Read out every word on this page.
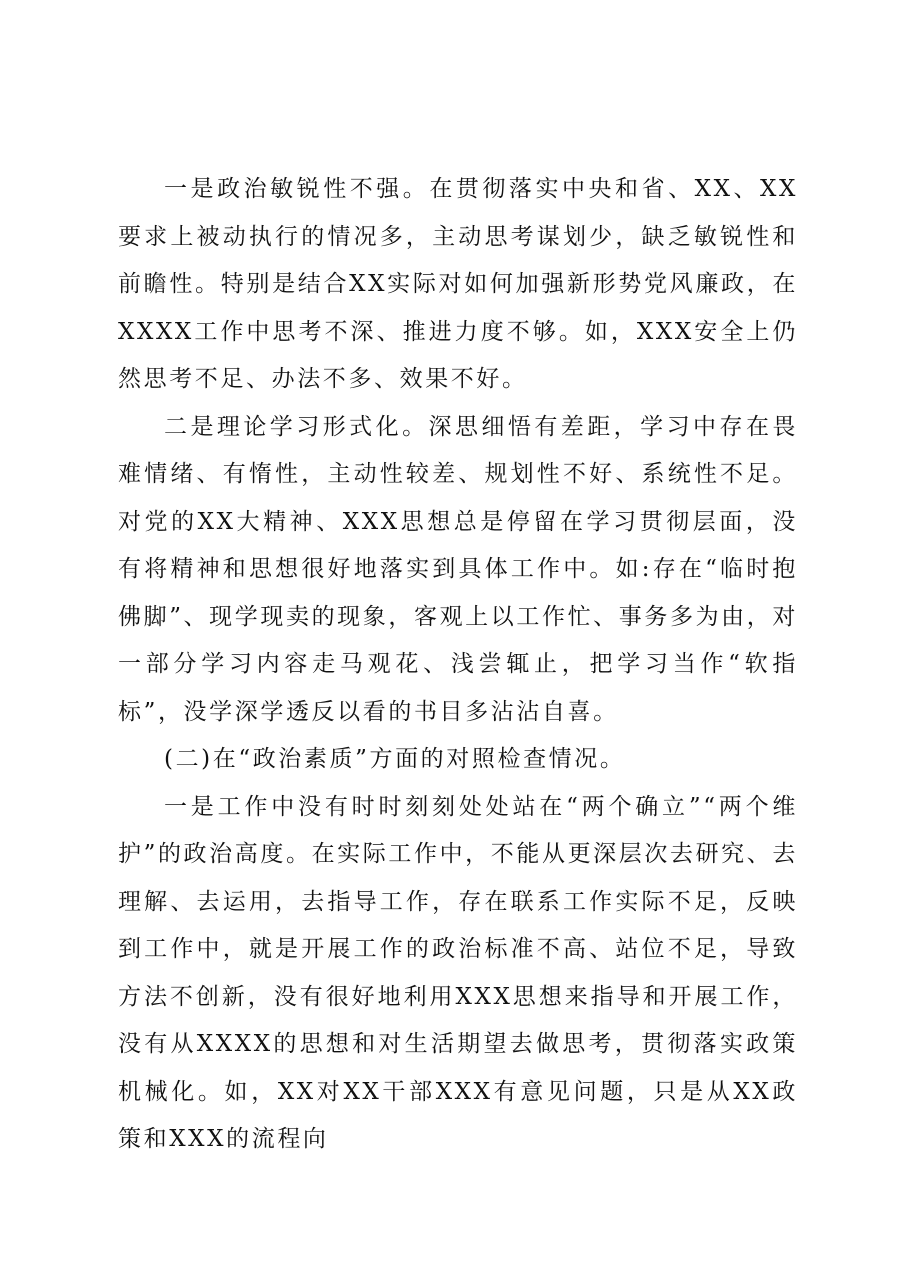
一是政治敏锐性不强。在贯彻落实中央和省、XX、XX要求上被动执行的情况多，主动思考谋划少，缺乏敏锐性和前瞻性。特别是结合XX实际对如何加强新形势党风廉政，在XXXX工作中思考不深、推进力度不够。如，XXX安全上仍然思考不足、办法不多、效果不好。

二是理论学习形式化。深思细悟有差距，学习中存在畏难情绪、有惰性，主动性较差、规划性不好、系统性不足。对党的XX大精神、XXX思想总是停留在学习贯彻层面，没有将精神和思想很好地落实到具体工作中。如:存在“临时抱佛脚”、现学现卖的现象，客观上以工作忙、事务多为由，对一部分学习内容走马观花、浅尝辄止，把学习当作“软指标”，没学深学透反以看的书目多沾沾自喜。

(二)在“政治素质”方面的对照检查情况。

一是工作中没有时时刻刻处处站在“两个确立”“两个维护”的政治高度。在实际工作中，不能从更深层次去研究、去理解、去运用，去指导工作，存在联系工作实际不足，反映到工作中，就是开展工作的政治标准不高、站位不足，导致方法不创新，没有很好地利用XXX思想来指导和开展工作，没有从XXXX的思想和对生活期望去做思考，贯彻落实政策机械化。如，XX对XX干部XXX有意见问题，只是从XX政策和XXX的流程向
